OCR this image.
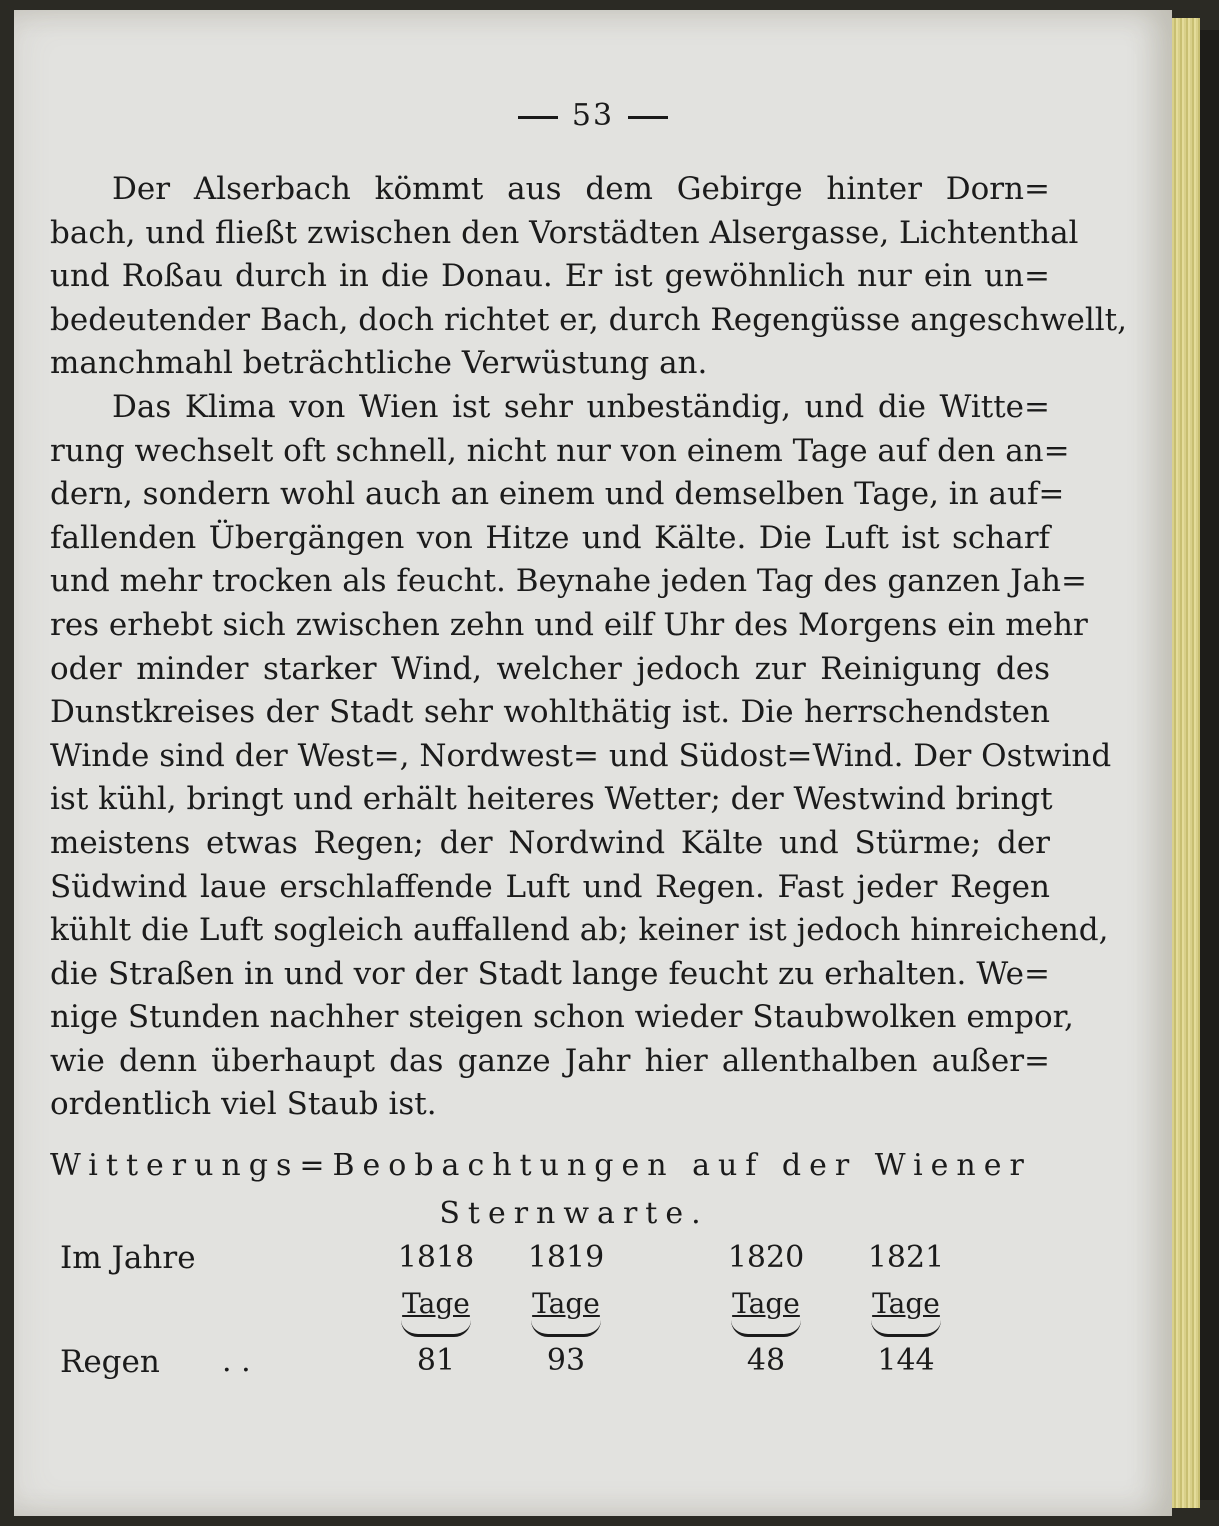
53
Der Alserbach kömmt aus dem Gebirge hinter Dorn=
bach, und fließt zwischen den Vorstädten Alsergasse, Lichtenthal
und Roßau durch in die Donau. Er ist gewöhnlich nur ein un=
bedeutender Bach, doch richtet er, durch Regengüsse angeschwellt,
manchmahl beträchtliche Verwüstung an.
Das Klima von Wien ist sehr unbeständig, und die Witte=
rung wechselt oft schnell, nicht nur von einem Tage auf den an=
dern, sondern wohl auch an einem und demselben Tage, in auf=
fallenden Übergängen von Hitze und Kälte. Die Luft ist scharf
und mehr trocken als feucht. Beynahe jeden Tag des ganzen Jah=
res erhebt sich zwischen zehn und eilf Uhr des Morgens ein mehr
oder minder starker Wind, welcher jedoch zur Reinigung des
Dunstkreises der Stadt sehr wohlthätig ist. Die herrschendsten
Winde sind der West=, Nordwest= und Südost=Wind. Der Ostwind
ist kühl, bringt und erhält heiteres Wetter; der Westwind bringt
meistens etwas Regen; der Nordwind Kälte und Stürme; der
Südwind laue erschlaffende Luft und Regen. Fast jeder Regen
kühlt die Luft sogleich auffallend ab; keiner ist jedoch hinreichend,
die Straßen in und vor der Stadt lange feucht zu erhalten. We=
nige Stunden nachher steigen schon wieder Staubwolken empor,
wie denn überhaupt das ganze Jahr hier allenthalben außer=
ordentlich viel Staub ist.
Witterungs=Beobachtungen auf der Wiener
Sternwarte.
Im Jahre
Regen . .
1818
Tage
81
1819
Tage
93
1820
Tage
48
1821
Tage
144
